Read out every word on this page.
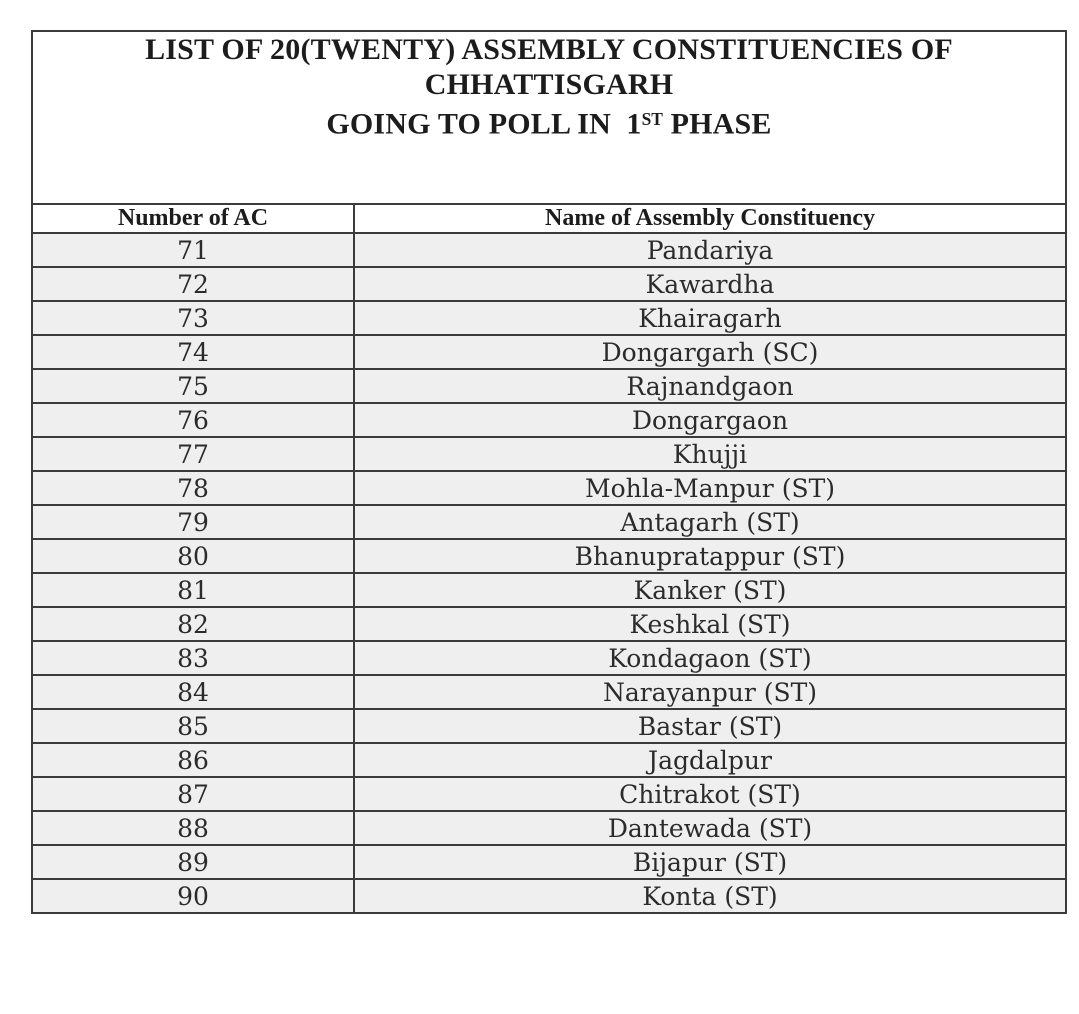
LIST OF 20(TWENTY) ASSEMBLY CONSTITUENCIES OF CHHATTISGARH
GOING TO POLL IN  1ST PHASE	

Number of AC	Name of Assembly Constituency
71	Pandariya
72	Kawardha
73	Khairagarh
74	Dongargarh (SC)
75	Rajnandgaon
76	Dongargaon
77	Khujji
78	Mohla-Manpur (ST)
79	Antagarh (ST)
80	Bhanupratappur (ST)
81	Kanker (ST)
82	Keshkal (ST)
83	Kondagaon (ST)
84	Narayanpur (ST)
85	Bastar (ST)
86	Jagdalpur
87	Chitrakot (ST)
88	Dantewada (ST)
89	Bijapur (ST)
90	Konta (ST)
